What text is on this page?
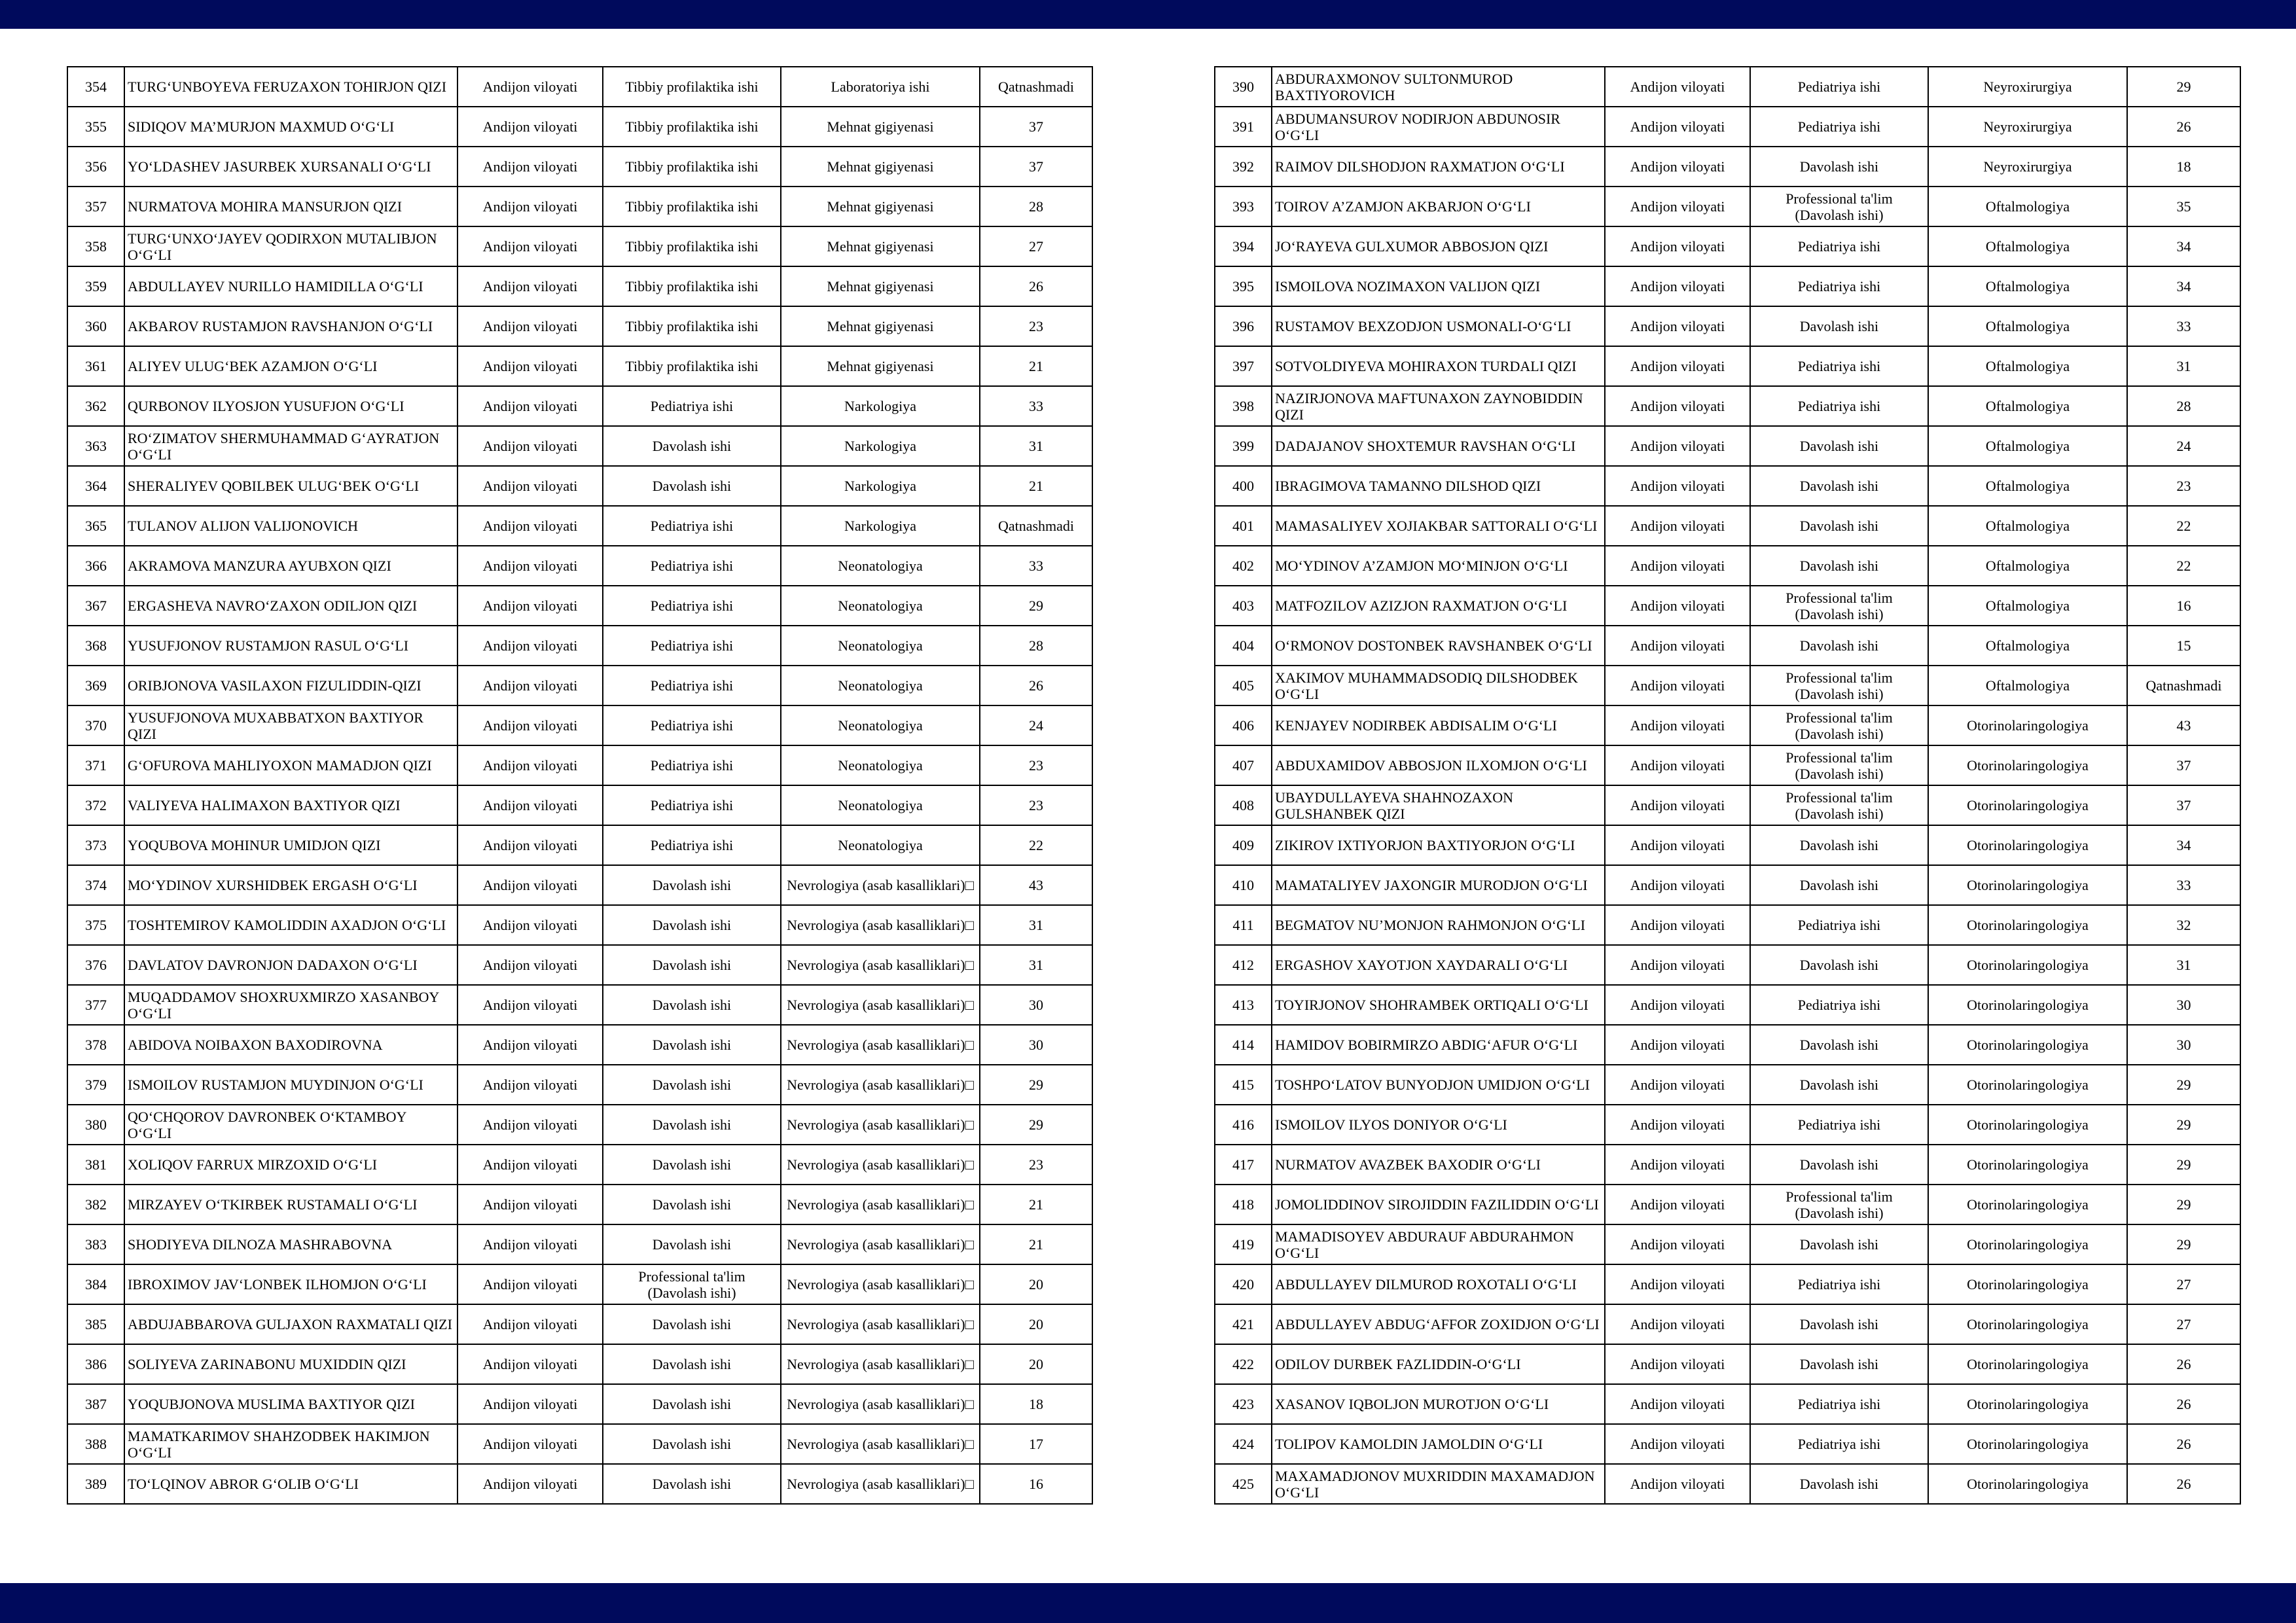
354	TURG‘UNBOYEVA FERUZAXON TOHIRJON QIZI	Andijon viloyati	Tibbiy profilaktika ishi	Laboratoriya ishi	Qatnashmadi
355	SIDIQOV MA’MURJON MAXMUD O‘G‘LI	Andijon viloyati	Tibbiy profilaktika ishi	Mehnat gigiyenasi	37
356	YO‘LDASHEV JASURBEK XURSANALI O‘G‘LI	Andijon viloyati	Tibbiy profilaktika ishi	Mehnat gigiyenasi	37
357	NURMATOVA MOHIRA MANSURJON QIZI	Andijon viloyati	Tibbiy profilaktika ishi	Mehnat gigiyenasi	28
358	TURG‘UNXO‘JAYEV QODIRXON MUTALIBJON O‘G‘LI	Andijon viloyati	Tibbiy profilaktika ishi	Mehnat gigiyenasi	27
359	ABDULLAYEV NURILLO HAMIDILLA O‘G‘LI	Andijon viloyati	Tibbiy profilaktika ishi	Mehnat gigiyenasi	26
360	AKBAROV RUSTAMJON RAVSHANJON O‘G‘LI	Andijon viloyati	Tibbiy profilaktika ishi	Mehnat gigiyenasi	23
361	ALIYEV ULUG‘BEK AZAMJON O‘G‘LI	Andijon viloyati	Tibbiy profilaktika ishi	Mehnat gigiyenasi	21
362	QURBONOV ILYOSJON YUSUFJON O‘G‘LI	Andijon viloyati	Pediatriya ishi	Narkologiya	33
363	RO‘ZIMATOV SHERMUHAMMAD G‘AYRATJON O‘G‘LI	Andijon viloyati	Davolash ishi	Narkologiya	31
364	SHERALIYEV QOBILBEK ULUG‘BEK O‘G‘LI	Andijon viloyati	Davolash ishi	Narkologiya	21
365	TULANOV ALIJON VALIJONOVICH	Andijon viloyati	Pediatriya ishi	Narkologiya	Qatnashmadi
366	AKRAMOVA MANZURA AYUBXON QIZI	Andijon viloyati	Pediatriya ishi	Neonatologiya	33
367	ERGASHEVA NAVRO‘ZAXON ODILJON QIZI	Andijon viloyati	Pediatriya ishi	Neonatologiya	29
368	YUSUFJONOV RUSTAMJON RASUL O‘G‘LI	Andijon viloyati	Pediatriya ishi	Neonatologiya	28
369	ORIBJONOVA VASILAXON FIZULIDDIN-QIZI	Andijon viloyati	Pediatriya ishi	Neonatologiya	26
370	YUSUFJONOVA MUXABBATXON BAXTIYOR QIZI	Andijon viloyati	Pediatriya ishi	Neonatologiya	24
371	G‘OFUROVA MAHLIYOXON MAMADJON QIZI	Andijon viloyati	Pediatriya ishi	Neonatologiya	23
372	VALIYEVA HALIMAXON BAXTIYOR QIZI	Andijon viloyati	Pediatriya ishi	Neonatologiya	23
373	YOQUBOVA MOHINUR UMIDJON QIZI	Andijon viloyati	Pediatriya ishi	Neonatologiya	22
374	MO‘YDINOV XURSHIDBEK ERGASH O‘G‘LI	Andijon viloyati	Davolash ishi	Nevrologiya (asab kasalliklari)□	43
375	TOSHTEMIROV KAMOLIDDIN AXADJON O‘G‘LI	Andijon viloyati	Davolash ishi	Nevrologiya (asab kasalliklari)□	31
376	DAVLATOV DAVRONJON DADAXON O‘G‘LI	Andijon viloyati	Davolash ishi	Nevrologiya (asab kasalliklari)□	31
377	MUQADDAMOV SHOXRUXMIRZO XASANBOY O‘G‘LI	Andijon viloyati	Davolash ishi	Nevrologiya (asab kasalliklari)□	30
378	ABIDOVA NOIBAXON BAXODIROVNA	Andijon viloyati	Davolash ishi	Nevrologiya (asab kasalliklari)□	30
379	ISMOILOV RUSTAMJON MUYDINJON O‘G‘LI	Andijon viloyati	Davolash ishi	Nevrologiya (asab kasalliklari)□	29
380	QO‘CHQOROV DAVRONBEK O‘KTAMBOY O‘G‘LI	Andijon viloyati	Davolash ishi	Nevrologiya (asab kasalliklari)□	29
381	XOLIQOV FARRUX MIRZOXID O‘G‘LI	Andijon viloyati	Davolash ishi	Nevrologiya (asab kasalliklari)□	23
382	MIRZAYEV O‘TKIRBEK RUSTAMALI O‘G‘LI	Andijon viloyati	Davolash ishi	Nevrologiya (asab kasalliklari)□	21
383	SHODIYEVA DILNOZA MASHRABOVNA	Andijon viloyati	Davolash ishi	Nevrologiya (asab kasalliklari)□	21
384	IBROXIMOV JAV‘LONBEK ILHOMJON O‘G‘LI	Andijon viloyati	Professional ta'lim (Davolash ishi)	Nevrologiya (asab kasalliklari)□	20
385	ABDUJABBAROVA GULJAXON RAXMATALI QIZI	Andijon viloyati	Davolash ishi	Nevrologiya (asab kasalliklari)□	20
386	SOLIYEVA ZARINABONU MUXIDDIN QIZI	Andijon viloyati	Davolash ishi	Nevrologiya (asab kasalliklari)□	20
387	YOQUBJONOVA MUSLIMA BAXTIYOR QIZI	Andijon viloyati	Davolash ishi	Nevrologiya (asab kasalliklari)□	18
388	MAMATKARIMOV SHAHZODBEK HAKIMJON O‘G‘LI	Andijon viloyati	Davolash ishi	Nevrologiya (asab kasalliklari)□	17
389	TO‘LQINOV ABROR G‘OLIB O‘G‘LI	Andijon viloyati	Davolash ishi	Nevrologiya (asab kasalliklari)□	16
390	ABDURAXMONOV SULTONMUROD BAXTIYOROVICH	Andijon viloyati	Pediatriya ishi	Neyroxirurgiya	29
391	ABDUMANSUROV NODIRJON ABDUNOSIR O‘G‘LI	Andijon viloyati	Pediatriya ishi	Neyroxirurgiya	26
392	RAIMOV DILSHODJON RAXMATJON O‘G‘LI	Andijon viloyati	Davolash ishi	Neyroxirurgiya	18
393	TOIROV A’ZAMJON AKBARJON O‘G‘LI	Andijon viloyati	Professional ta'lim (Davolash ishi)	Oftalmologiya	35
394	JO‘RAYEVA GULXUMOR ABBOSJON QIZI	Andijon viloyati	Pediatriya ishi	Oftalmologiya	34
395	ISMOILOVA NOZIMAXON VALIJON QIZI	Andijon viloyati	Pediatriya ishi	Oftalmologiya	34
396	RUSTAMOV BEXZODJON USMONALI-O‘G‘LI	Andijon viloyati	Davolash ishi	Oftalmologiya	33
397	SOTVOLDIYEVA MOHIRAXON TURDALI QIZI	Andijon viloyati	Pediatriya ishi	Oftalmologiya	31
398	NAZIRJONOVA MAFTUNAXON ZAYNOBIDDIN QIZI	Andijon viloyati	Pediatriya ishi	Oftalmologiya	28
399	DADAJANOV SHOXTEMUR RAVSHAN O‘G‘LI	Andijon viloyati	Davolash ishi	Oftalmologiya	24
400	IBRAGIMOVA TAMANNO DILSHOD QIZI	Andijon viloyati	Davolash ishi	Oftalmologiya	23
401	MAMASALIYEV XOJIAKBAR SATTORALI O‘G‘LI	Andijon viloyati	Davolash ishi	Oftalmologiya	22
402	MO‘YDINOV A’ZAMJON MO‘MINJON O‘G‘LI	Andijon viloyati	Davolash ishi	Oftalmologiya	22
403	MATFOZILOV AZIZJON RAXMATJON O‘G‘LI	Andijon viloyati	Professional ta'lim (Davolash ishi)	Oftalmologiya	16
404	O‘RMONOV DOSTONBEK RAVSHANBEK O‘G‘LI	Andijon viloyati	Davolash ishi	Oftalmologiya	15
405	XAKIMOV MUHAMMADSODIQ DILSHODBEK O‘G‘LI	Andijon viloyati	Professional ta'lim (Davolash ishi)	Oftalmologiya	Qatnashmadi
406	KENJAYEV NODIRBEK ABDISALIM O‘G‘LI	Andijon viloyati	Professional ta'lim (Davolash ishi)	Otorinolaringologiya	43
407	ABDUXAMIDOV ABBOSJON ILXOMJON O‘G‘LI	Andijon viloyati	Professional ta'lim (Davolash ishi)	Otorinolaringologiya	37
408	UBAYDULLAYEVA SHAHNOZAXON GULSHANBEK QIZI	Andijon viloyati	Professional ta'lim (Davolash ishi)	Otorinolaringologiya	37
409	ZIKIROV IXTIYORJON BAXTIYORJON O‘G‘LI	Andijon viloyati	Davolash ishi	Otorinolaringologiya	34
410	MAMATALIYEV JAXONGIR MURODJON O‘G‘LI	Andijon viloyati	Davolash ishi	Otorinolaringologiya	33
411	BEGMATOV NU’MONJON RAHMONJON O‘G‘LI	Andijon viloyati	Pediatriya ishi	Otorinolaringologiya	32
412	ERGASHOV XAYOTJON XAYDARALI O‘G‘LI	Andijon viloyati	Davolash ishi	Otorinolaringologiya	31
413	TOYIRJONOV SHOHRAMBEK ORTIQALI O‘G‘LI	Andijon viloyati	Pediatriya ishi	Otorinolaringologiya	30
414	HAMIDOV BOBIRMIRZO ABDIG‘AFUR O‘G‘LI	Andijon viloyati	Davolash ishi	Otorinolaringologiya	30
415	TOSHPO‘LATOV BUNYODJON UMIDJON O‘G‘LI	Andijon viloyati	Davolash ishi	Otorinolaringologiya	29
416	ISMOILOV ILYOS DONIYOR O‘G‘LI	Andijon viloyati	Pediatriya ishi	Otorinolaringologiya	29
417	NURMATOV AVAZBEK BAXODIR O‘G‘LI	Andijon viloyati	Davolash ishi	Otorinolaringologiya	29
418	JOMOLIDDINOV SIROJIDDIN FAZILIDDIN O‘G‘LI	Andijon viloyati	Professional ta'lim (Davolash ishi)	Otorinolaringologiya	29
419	MAMADISOYEV ABDURAUF ABDURAHMON O‘G‘LI	Andijon viloyati	Davolash ishi	Otorinolaringologiya	29
420	ABDULLAYEV DILMUROD ROXOTALI O‘G‘LI	Andijon viloyati	Pediatriya ishi	Otorinolaringologiya	27
421	ABDULLAYEV ABDUG‘AFFOR ZOXIDJON O‘G‘LI	Andijon viloyati	Davolash ishi	Otorinolaringologiya	27
422	ODILOV DURBEK FAZLIDDIN-O‘G‘LI	Andijon viloyati	Davolash ishi	Otorinolaringologiya	26
423	XASANOV IQBOLJON MUROTJON O‘G‘LI	Andijon viloyati	Pediatriya ishi	Otorinolaringologiya	26
424	TOLIPOV KAMOLDIN JAMOLDIN O‘G‘LI	Andijon viloyati	Pediatriya ishi	Otorinolaringologiya	26
425	MAXAMADJONOV MUXRIDDIN MAXAMADJON O‘G‘LI	Andijon viloyati	Davolash ishi	Otorinolaringologiya	26
